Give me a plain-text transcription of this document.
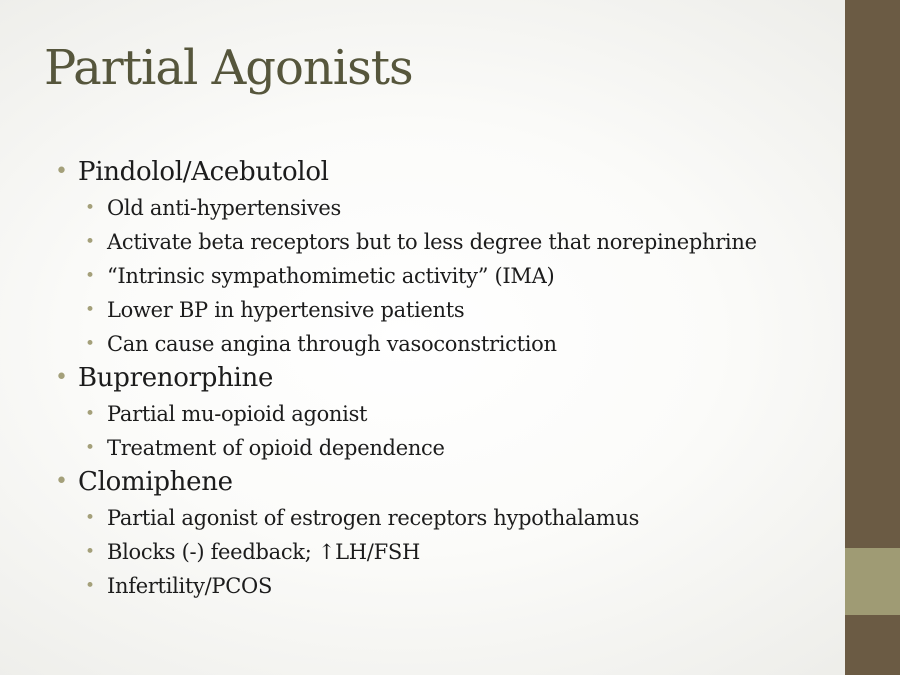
Partial Agonists
• Pindolol/Acebutolol
• Old anti-hypertensives
• Activate beta receptors but to less degree that norepinephrine
• “Intrinsic sympathomimetic activity” (IMA)
• Lower BP in hypertensive patients
• Can cause angina through vasoconstriction
• Buprenorphine
• Partial mu-opioid agonist
• Treatment of opioid dependence
• Clomiphene
• Partial agonist of estrogen receptors hypothalamus
• Blocks (-) feedback; ↑LH/FSH
• Infertility/PCOS
